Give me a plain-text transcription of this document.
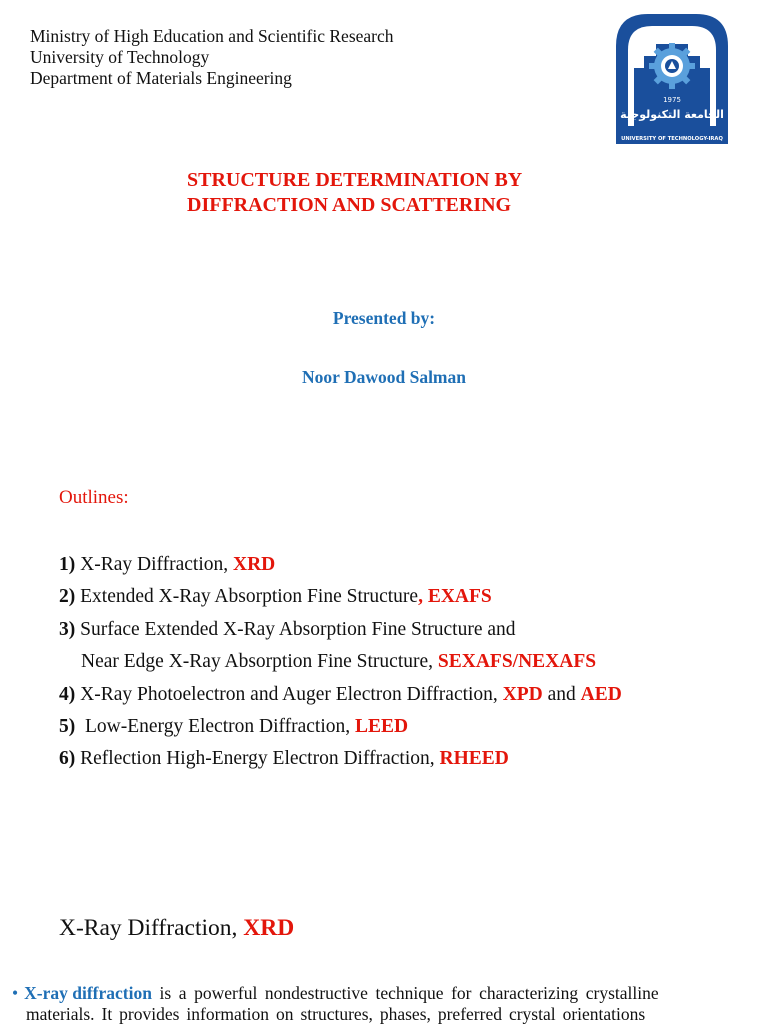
Ministry of High Education and Scientific Research
University of Technology
Department of Materials Engineering
1975
الجامعة التكنولوجية
UNIVERSITY OF TECHNOLOGY-IRAQ
STRUCTURE DETERMINATION BY
DIFFRACTION AND SCATTERING
Presented by:
Noor Dawood Salman
Outlines:
1) X-Ray Diffraction, XRD
2) Extended X-Ray Absorption Fine Structure, EXAFS
3) Surface Extended X-Ray Absorption Fine Structure and
Near Edge X-Ray Absorption Fine Structure, SEXAFS/NEXAFS
4) X-Ray Photoelectron and Auger Electron Diffraction, XPD and AED
5)  Low-Energy Electron Diffraction, LEED
6) Reflection High-Energy Electron Diffraction, RHEED
X-Ray Diffraction, XRD
• X-ray diffraction is a powerful nondestructive technique for characterizing crystalline
materials. It provides information on structures, phases, preferred crystal orientations
